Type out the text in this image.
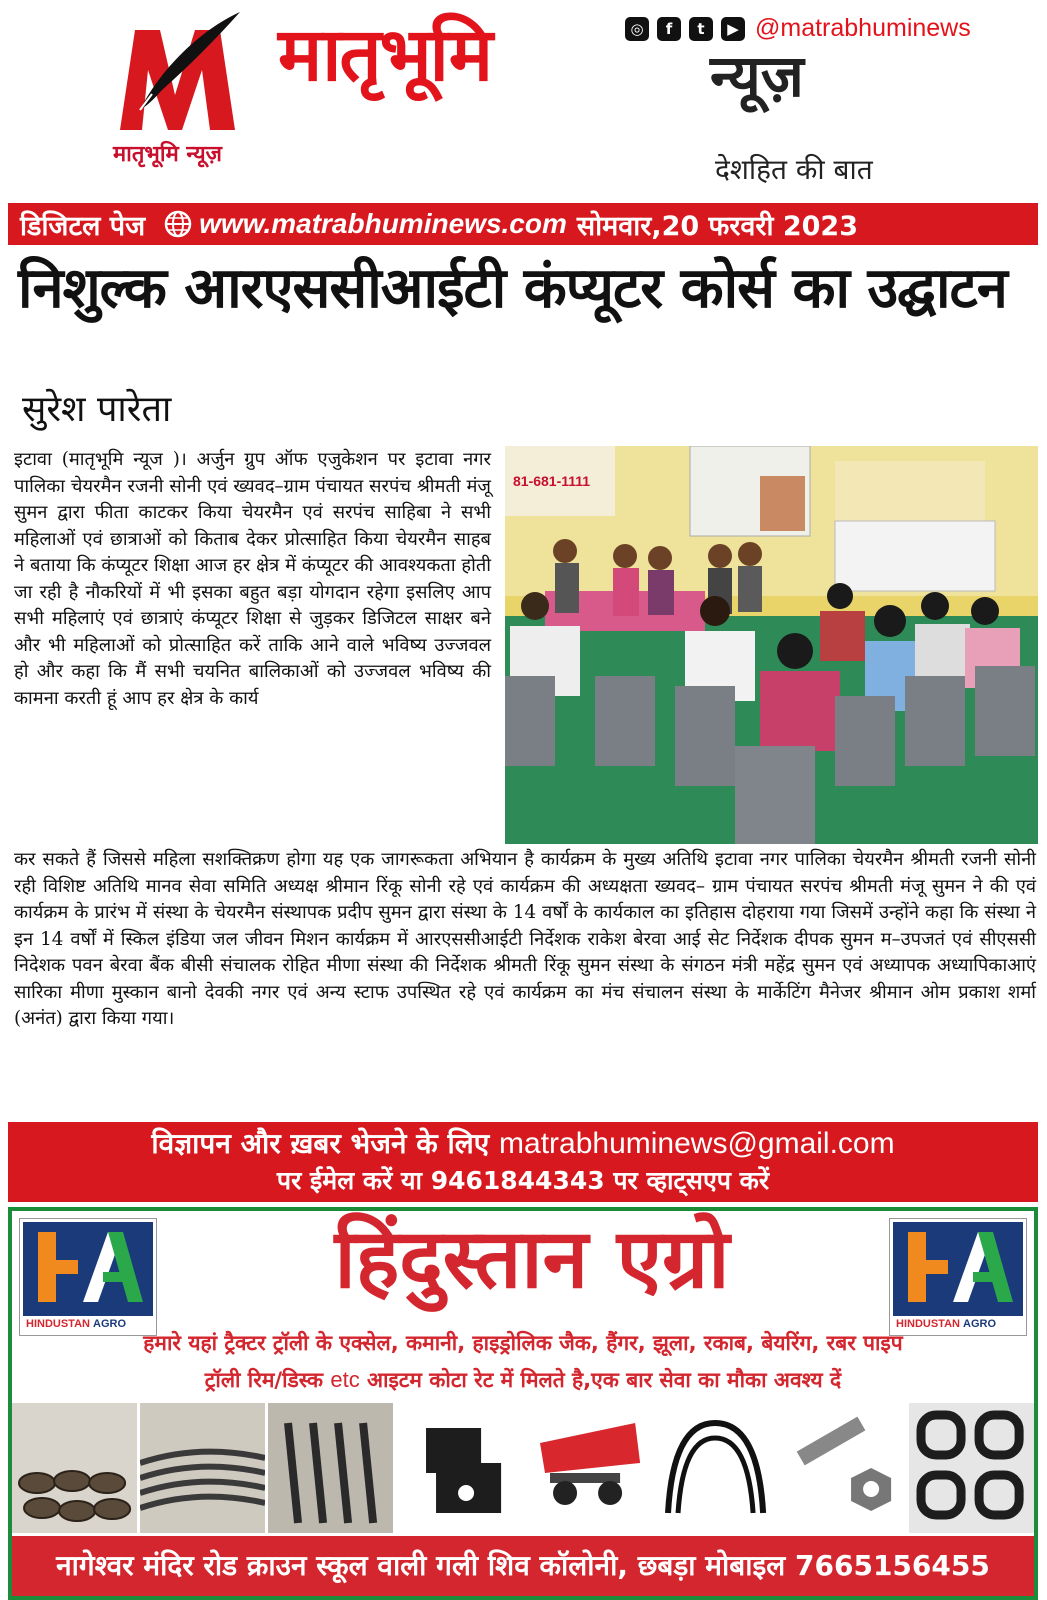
मातृभूमि न्यूज़
मातृभूमि	न्यूज़
देशहित की बात
◎	f	t	▶ @matrabhuminews
डिजिटल पेज www.matrabhuminews.com सोमवार,20 फरवरी 2023
निशुल्क आरएससीआईटी कंप्यूटर कोर्स का उद्घाटन
सुरेश पारेता
इटावा (मातृभूमि न्यूज )। अर्जुन ग्रुप ऑफ एजुकेशन पर इटावा नगर पालिका चेयरमैन रजनी सोनी एवं ख्यवद–ग्राम पंचायत सरपंच श्रीमती मंजू सुमन द्वारा फीता काटकर किया चेयरमैन एवं सरपंच साहिबा ने सभी महिलाओं एवं छात्राओं को किताब देकर प्रोत्साहित किया चेयरमैन साहब ने बताया कि कंप्यूटर शिक्षा आज हर क्षेत्र में कंप्यूटर की आवश्यकता होती जा रही है नौकरियों में भी इसका बहुत बड़ा योगदान रहेगा इसलिए आप सभी महिलाएं एवं छात्राएं कंप्यूटर शिक्षा से जुड़कर डिजिटल साक्षर बने और भी महिलाओं को प्रोत्साहित करें ताकि आने वाले भविष्य उज्जवल हो और कहा कि मैं सभी चयनित बालिकाओं को उज्जवल भविष्य की कामना करती हूं आप हर क्षेत्र के कार्य
81-681-1111
कर सकते हैं जिससे महिला सशक्तिक्रण होगा यह एक जागरूकता अभियान है कार्यक्रम के मुख्य अतिथि इटावा नगर पालिका चेयरमैन श्रीमती रजनी सोनी रही विशिष्ट अतिथि मानव सेवा समिति अध्यक्ष श्रीमान रिंकू सोनी रहे एवं कार्यक्रम की अध्यक्षता ख्यवद– ग्राम पंचायत सरपंच श्रीमती मंजू सुमन ने की एवं कार्यक्रम के प्रारंभ में संस्था के चेयरमैन संस्थापक प्रदीप सुमन द्वारा संस्था के 14 वर्षों के कार्यकाल का इतिहास दोहराया गया जिसमें उन्होंने कहा कि संस्था ने इन 14 वर्षों में स्किल इंडिया जल जीवन मिशन कार्यक्रम में आरएससीआईटी निर्देशक राकेश बेरवा आई सेट निर्देशक दीपक सुमन म–उपजतं एवं सीएससी निदेशक पवन बेरवा बैंक बीसी संचालक रोहित मीणा संस्था की निर्देशक श्रीमती रिंकू सुमन संस्था के संगठन मंत्री महेंद्र सुमन एवं अध्यापक अध्यापिकाआएं सारिका मीणा मुस्कान बानो देवकी नगर एवं अन्य स्टाफ उपस्थित रहे एवं कार्यक्रम का मंच संचालन संस्था के मार्केटिंग मैनेजर श्रीमान ओम प्रकाश शर्मा (अनंत) द्वारा किया गया।
विज्ञापन और ख़बर भेजने के लिए matrabhuminews@gmail.com
पर ईमेल करें या 9461844343 पर व्हाट्सएप करें
HINDUSTAN AGRO	HINDUSTAN AGRO
हिंदुस्तान एग्रो
हमारे यहां ट्रैक्टर ट्रॉली के एक्सेल, कमानी, हाइड्रोलिक जैक, हैंगर, झूला, रकाब, बेयरिंग, रबर पाइप
ट्रॉली रिम/डिस्क etc आइटम कोटा रेट में मिलते है,एक बार सेवा का मौका अवश्य दें
नागेश्वर मंदिर रोड क्राउन स्कूल वाली गली शिव कॉलोनी, छबड़ा मोबाइल 7665156455
